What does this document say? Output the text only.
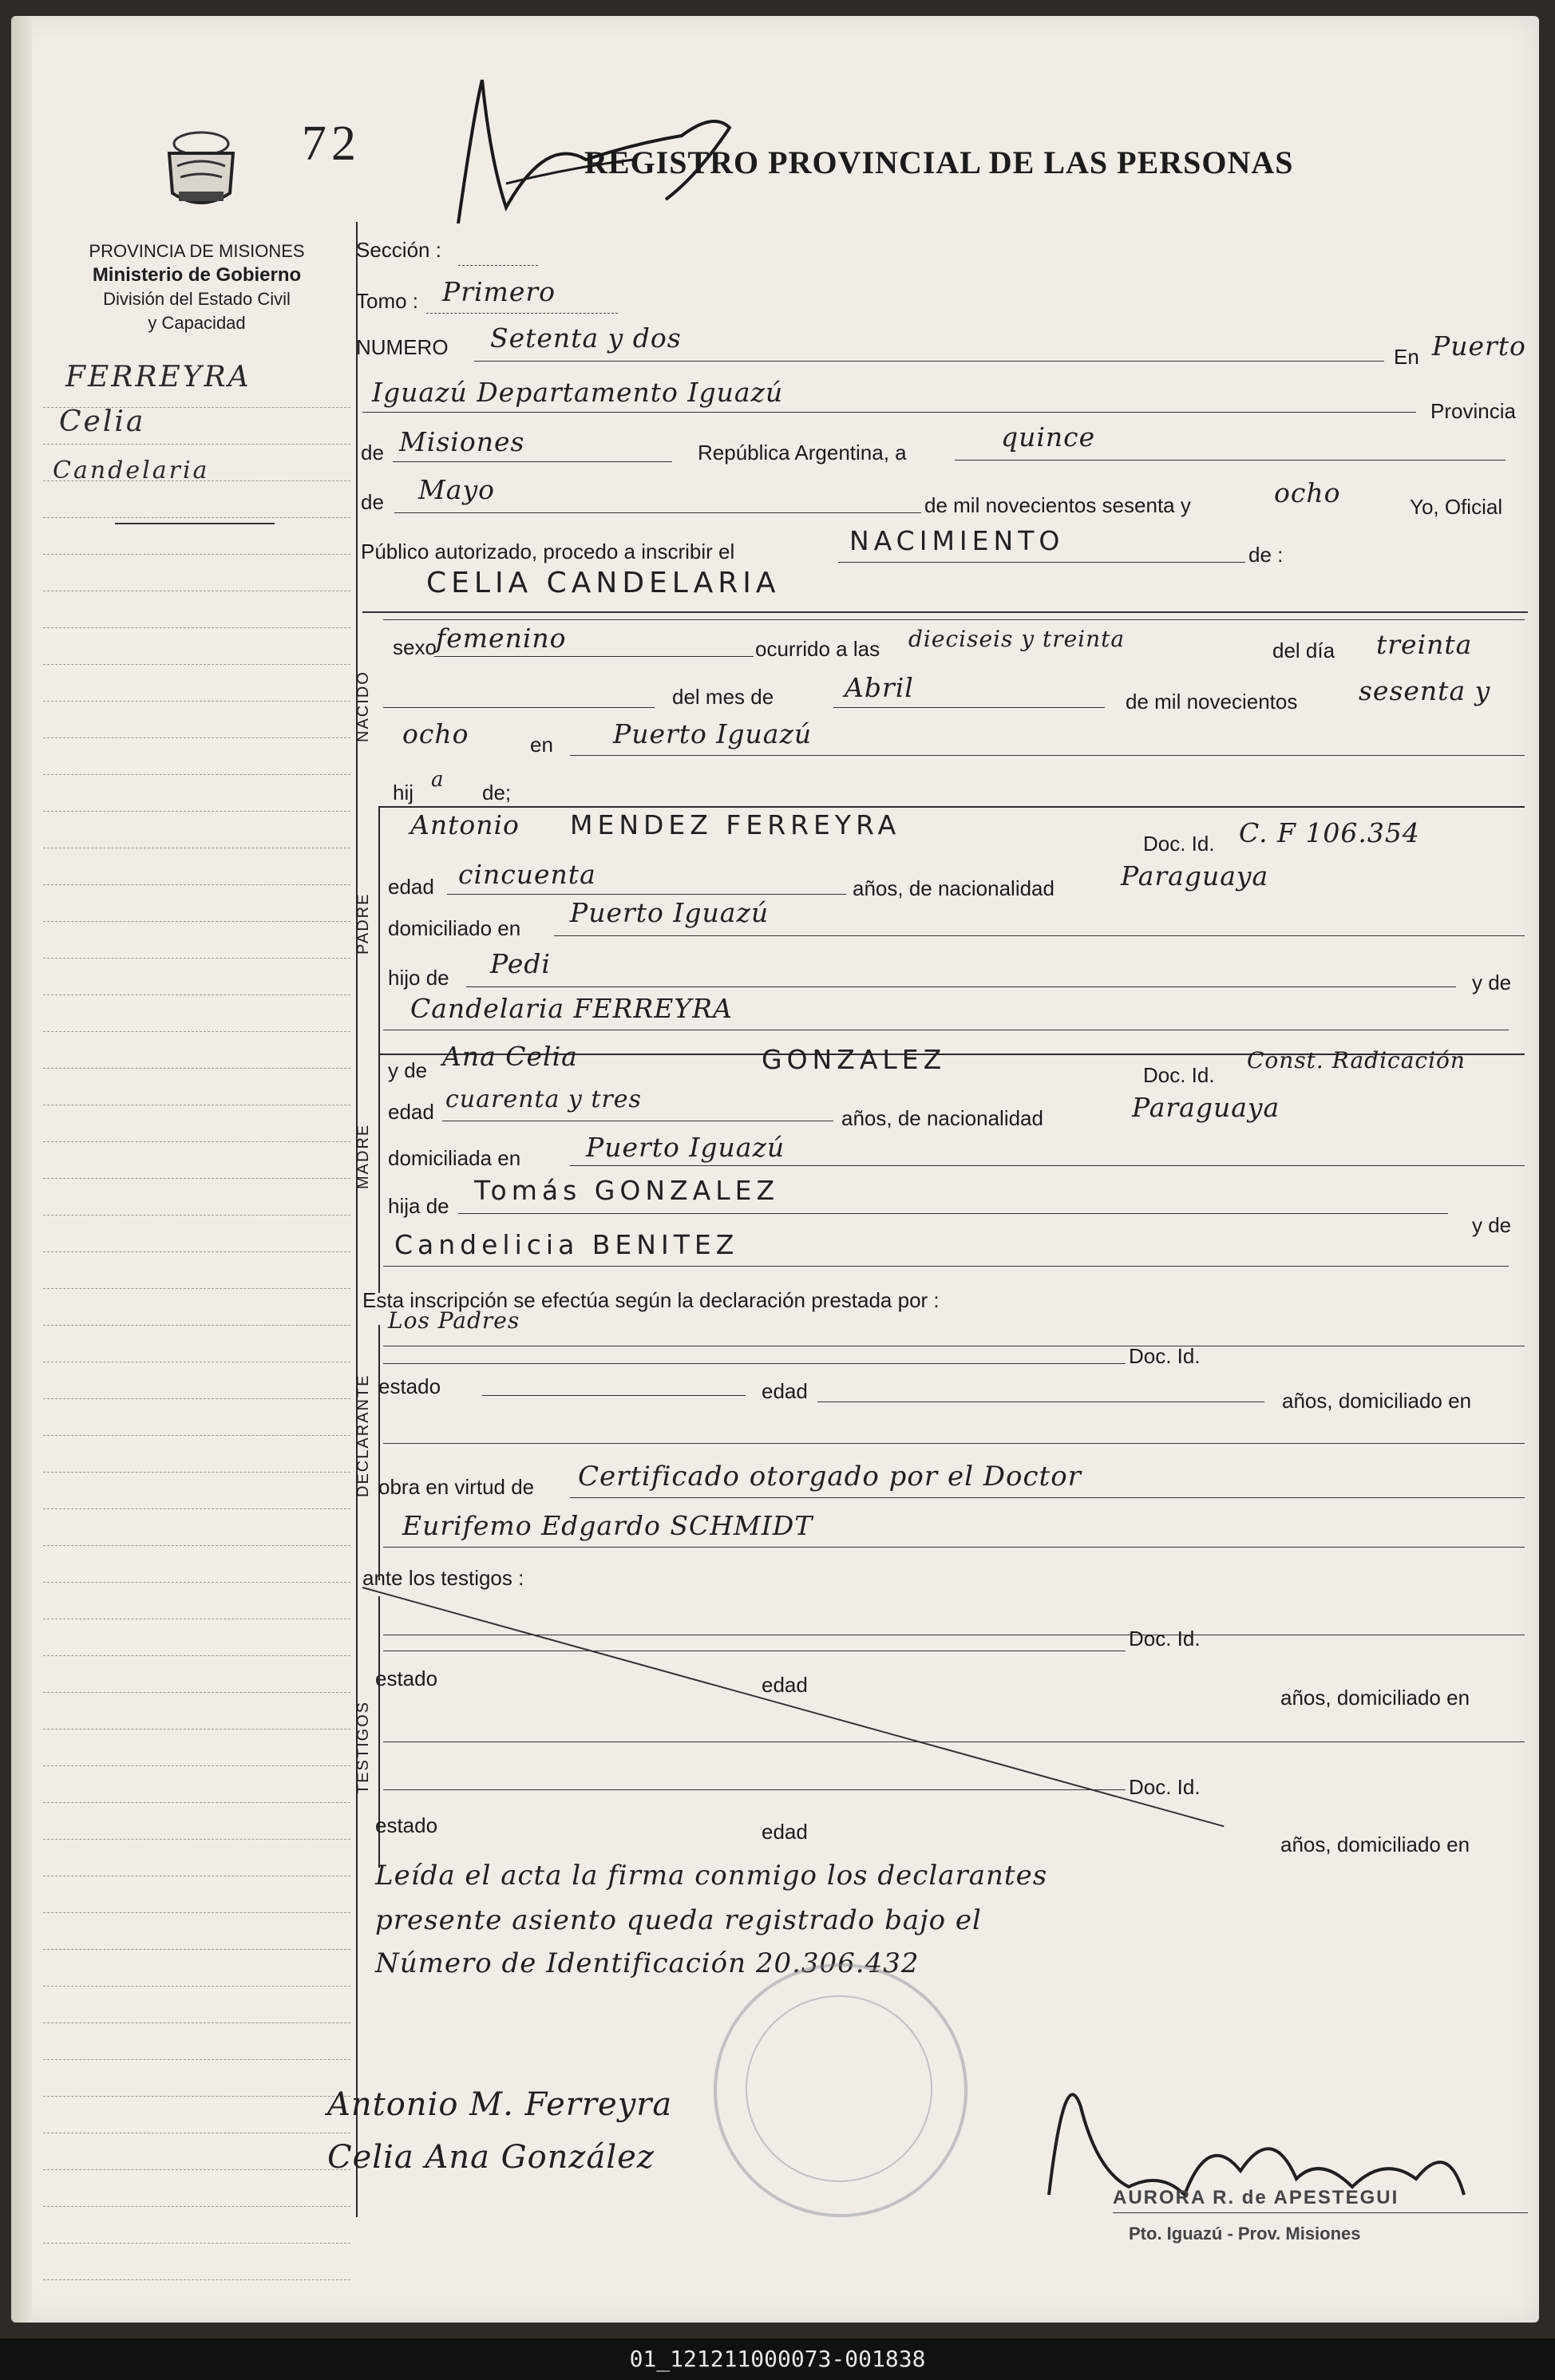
72	REGISTRO PROVINCIAL DE LAS PERSONAS
PROVINCIA DE MISIONES
Ministerio de Gobierno
División del Estado Civil
y Capacidad
FERREYRA
Celia
Candelaria
Sección :
Tomo : Primero
NUMERO Setenta y dos
En Puerto
Iguazú Departamento Iguazú
Provincia
de Misiones	República Argentina, a	quince
de Mayo	de mil novecientos sesenta y	ocho	Yo, Oficial
Público autorizado, procedo a inscribir el	NACIMIENTO	de :
CELIA CANDELARIA
NACIDO
sexo femenino	ocurrido a las dieciseis y treinta	del día treinta
del mes de	Abril	de mil novecientos sesenta y
ocho	en Puerto Iguazú
hij
a
de;
PADRE
Antonio MENDEZ FERREYRA
Doc. Id. C. F 106.354
edad cincuenta	años, de nacionalidad	Paraguaya
domiciliado en Puerto Iguazú
hijo de Pedi
y de
Candelaria FERREYRA
MADRE
y de Ana Celia	GONZALEZ	Doc. Id.
Const. Radicación
edad cuarenta y tres
años, de nacionalidad	Paraguaya
domiciliada en Puerto Iguazú
hija de Tomás GONZALEZ
y de
Candelicia BENITEZ
Esta inscripción se efectúa según la declaración prestada por :
DECLARANTE
Los Padres
Doc. Id.
estado	edad	años, domiciliado en
obra en virtud de Certificado otorgado por el Doctor
Eurifemo Edgardo SCHMIDT
ante los testigos :
TESTIGOS
Doc. Id.
estado	edad
años, domiciliado en
Doc. Id.
estado	edad
años, domiciliado en
Leída el acta la firma conmigo los declarantes
presente asiento queda registrado bajo el
Número de Identificación 20.306.432
Antonio M. Ferreyra
Celia Ana González
AURORA R. de APESTEGUI
Pto. Iguazú - Prov. Misiones
01_121211000073-001838
